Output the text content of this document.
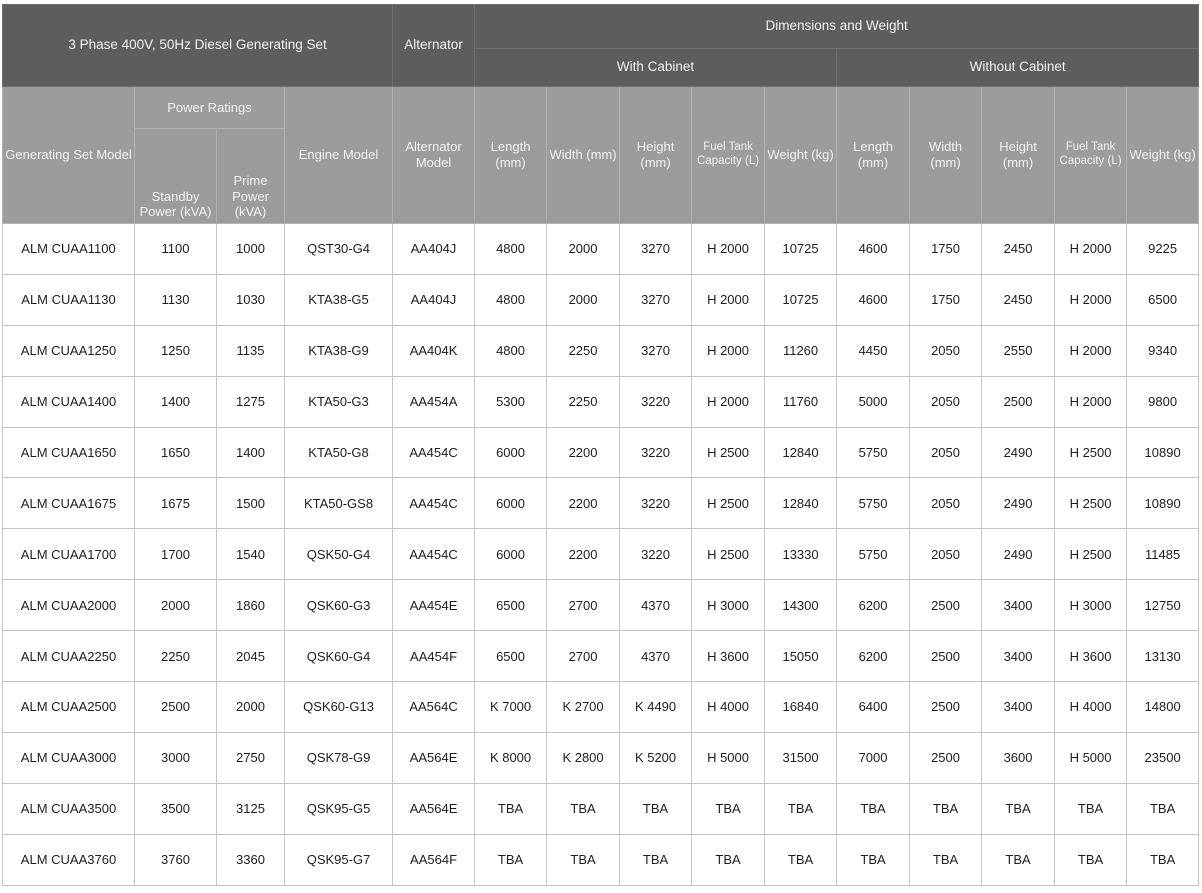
3 Phase 400V, 50Hz Diesel Generating Set				Alternator	Dimensions and Weight									
					With Cabinet					Without Cabinet				
Generating Set Model	Power Ratings		Engine Model	Alternator Model	Length (mm)	Width (mm)	Height (mm)	Fuel Tank Capacity (L)	Weight (kg)	Length (mm)	Width (mm)	Height (mm)	Fuel Tank Capacity (L)	Weight (kg)
	Standby Power (kVA)	Prime Power (kVA)												
ALM CUAA1100	1100	1000	QST30-G4	AA404J	4800	2000	3270	H 2000	10725	4600	1750	2450	H 2000	9225
ALM CUAA1130	1130	1030	KTA38-G5	AA404J	4800	2000	3270	H 2000	10725	4600	1750	2450	H 2000	6500
ALM CUAA1250	1250	1135	KTA38-G9	AA404K	4800	2250	3270	H 2000	11260	4450	2050	2550	H 2000	9340
ALM CUAA1400	1400	1275	KTA50-G3	AA454A	5300	2250	3220	H 2000	11760	5000	2050	2500	H 2000	9800
ALM CUAA1650	1650	1400	KTA50-G8	AA454C	6000	2200	3220	H 2500	12840	5750	2050	2490	H 2500	10890
ALM CUAA1675	1675	1500	KTA50-GS8	AA454C	6000	2200	3220	H 2500	12840	5750	2050	2490	H 2500	10890
ALM CUAA1700	1700	1540	QSK50-G4	AA454C	6000	2200	3220	H 2500	13330	5750	2050	2490	H 2500	11485
ALM CUAA2000	2000	1860	QSK60-G3	AA454E	6500	2700	4370	H 3000	14300	6200	2500	3400	H 3000	12750
ALM CUAA2250	2250	2045	QSK60-G4	AA454F	6500	2700	4370	H 3600	15050	6200	2500	3400	H 3600	13130
ALM CUAA2500	2500	2000	QSK60-G13	AA564C	K 7000	K 2700	K 4490	H 4000	16840	6400	2500	3400	H 4000	14800
ALM CUAA3000	3000	2750	QSK78-G9	AA564E	K 8000	K 2800	K 5200	H 5000	31500	7000	2500	3600	H 5000	23500
ALM CUAA3500	3500	3125	QSK95-G5	AA564E	TBA	TBA	TBA	TBA	TBA	TBA	TBA	TBA	TBA	TBA
ALM CUAA3760	3760	3360	QSK95-G7	AA564F	TBA	TBA	TBA	TBA	TBA	TBA	TBA	TBA	TBA	TBA
